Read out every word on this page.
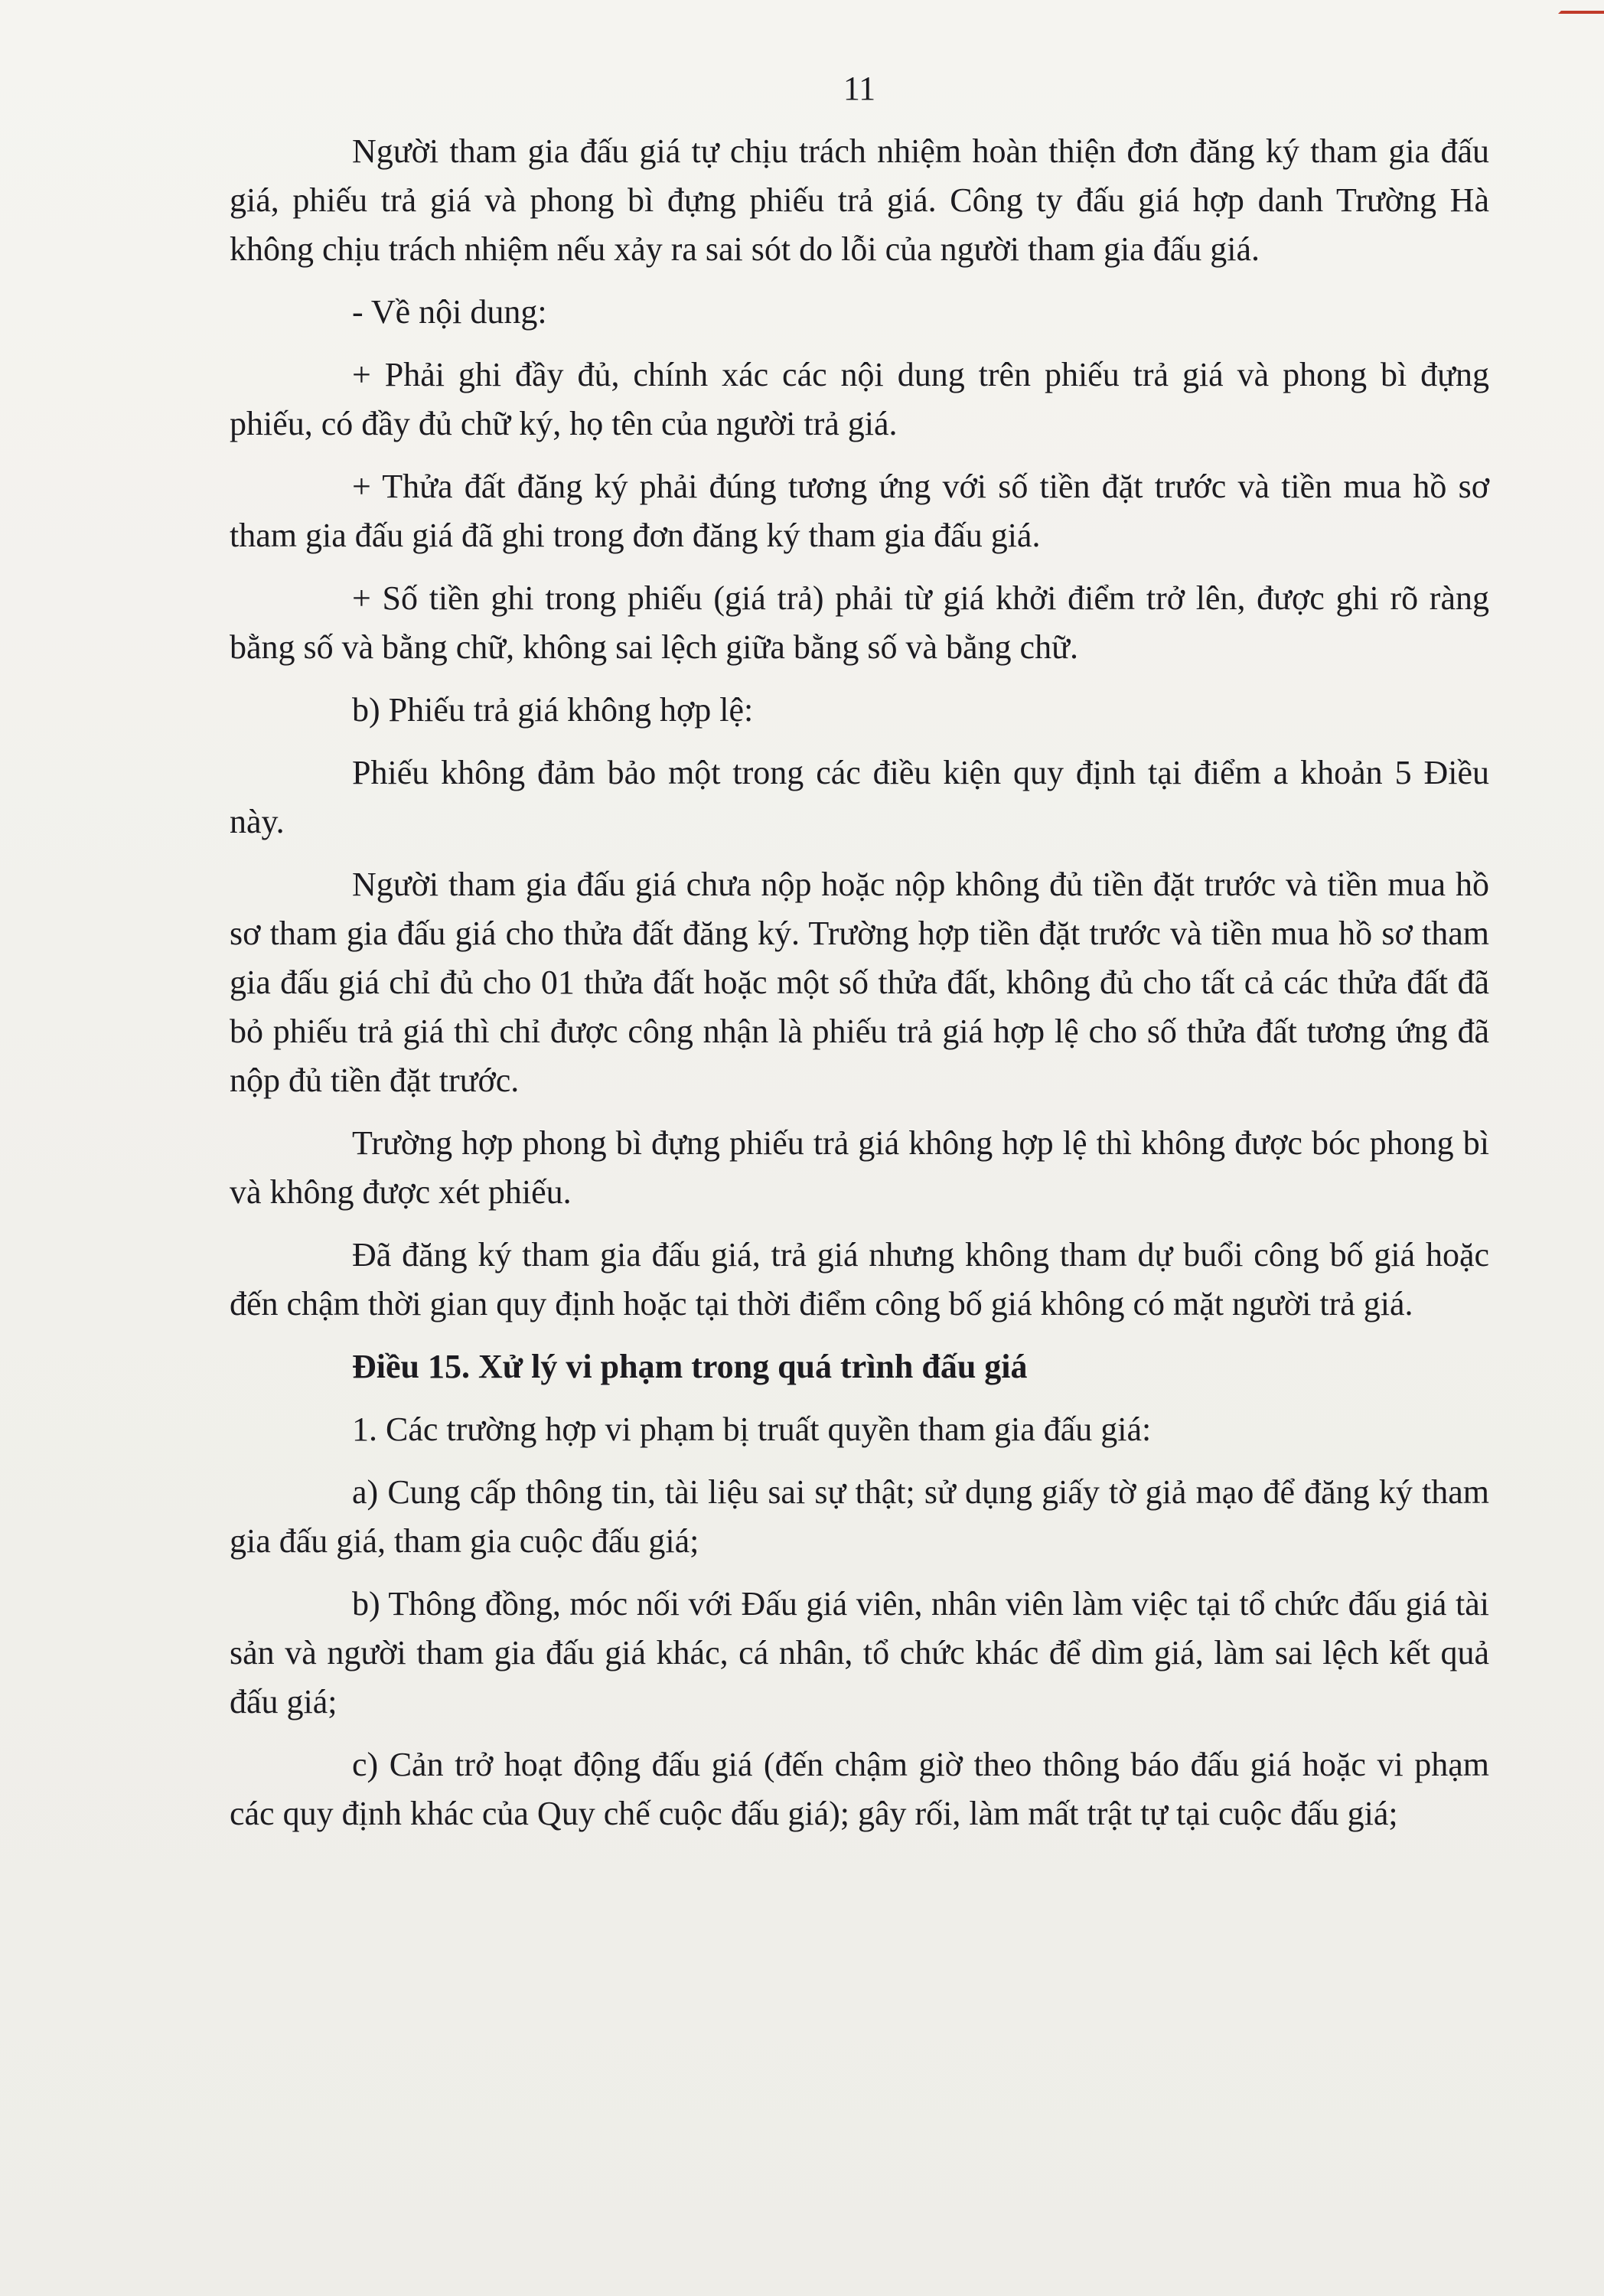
11

Người tham gia đấu giá tự chịu trách nhiệm hoàn thiện đơn đăng ký tham gia đấu giá, phiếu trả giá và phong bì đựng phiếu trả giá. Công ty đấu giá hợp danh Trường Hà không chịu trách nhiệm nếu xảy ra sai sót do lỗi của người tham gia đấu giá.

- Về nội dung:

+ Phải ghi đầy đủ, chính xác các nội dung trên phiếu trả giá và phong bì đựng phiếu, có đầy đủ chữ ký, họ tên của người trả giá.

+ Thửa đất đăng ký phải đúng tương ứng với số tiền đặt trước và tiền mua hồ sơ tham gia đấu giá đã ghi trong đơn đăng ký tham gia đấu giá.

+ Số tiền ghi trong phiếu (giá trả) phải từ giá khởi điểm trở lên, được ghi rõ ràng bằng số và bằng chữ, không sai lệch giữa bằng số và bằng chữ.

b) Phiếu trả giá không hợp lệ:

Phiếu không đảm bảo một trong các điều kiện quy định tại điểm a khoản 5 Điều này.

Người tham gia đấu giá chưa nộp hoặc nộp không đủ tiền đặt trước và tiền mua hồ sơ tham gia đấu giá cho thửa đất đăng ký. Trường hợp tiền đặt trước và tiền mua hồ sơ tham gia đấu giá chỉ đủ cho 01 thửa đất hoặc một số thửa đất, không đủ cho tất cả các thửa đất đã bỏ phiếu trả giá thì chỉ được công nhận là phiếu trả giá hợp lệ cho số thửa đất tương ứng đã nộp đủ tiền đặt trước.

Trường hợp phong bì đựng phiếu trả giá không hợp lệ thì không được bóc phong bì và không được xét phiếu.

Đã đăng ký tham gia đấu giá, trả giá nhưng không tham dự buổi công bố giá hoặc đến chậm thời gian quy định hoặc tại thời điểm công bố giá không có mặt người trả giá.

Điều 15. Xử lý vi phạm trong quá trình đấu giá

1. Các trường hợp vi phạm bị truất quyền tham gia đấu giá:

a) Cung cấp thông tin, tài liệu sai sự thật; sử dụng giấy tờ giả mạo để đăng ký tham gia đấu giá, tham gia cuộc đấu giá;

b) Thông đồng, móc nối với Đấu giá viên, nhân viên làm việc tại tổ chức đấu giá tài sản và người tham gia đấu giá khác, cá nhân, tổ chức khác để dìm giá, làm sai lệch kết quả đấu giá;

c) Cản trở hoạt động đấu giá (đến chậm giờ theo thông báo đấu giá hoặc vi phạm các quy định khác của Quy chế cuộc đấu giá); gây rối, làm mất trật tự tại cuộc đấu giá;
